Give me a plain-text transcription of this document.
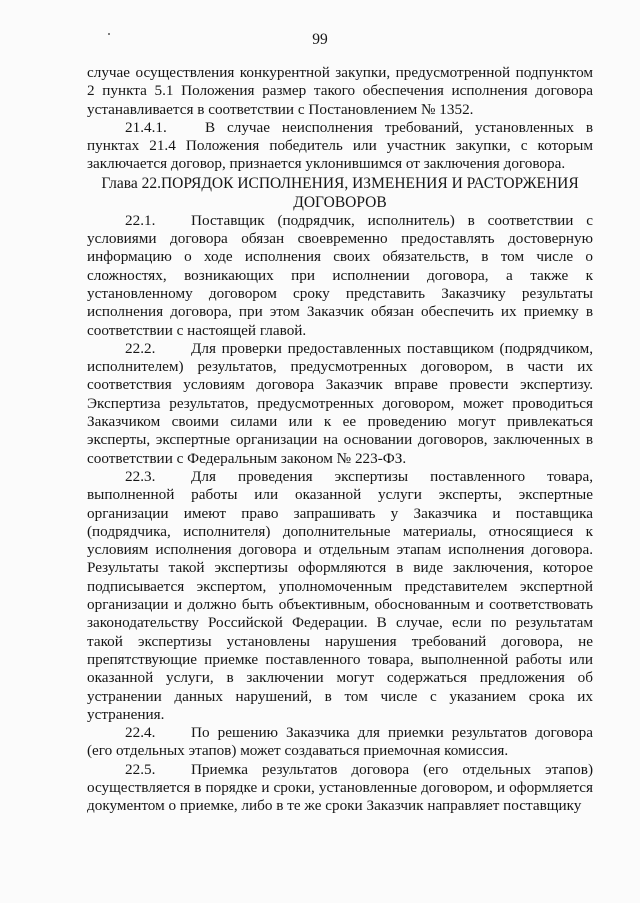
99

случае осуществления конкурентной закупки, предусмотренной подпунктом 2 пункта 5.1 Положения размер такого обеспечения исполнения договора устанавливается в соответствии с Постановлением № 1352.

21.4.1.	В случае неисполнения требований, установленных в пунктах 21.4 Положения победитель или участник закупки, с которым заключается договор, признается уклонившимся от заключения договора.

Глава 22.ПОРЯДОК ИСПОЛНЕНИЯ, ИЗМЕНЕНИЯ И РАСТОРЖЕНИЯ ДОГОВОРОВ

22.1. Поставщик (подрядчик, исполнитель) в соответствии с условиями договора обязан своевременно предоставлять достоверную информацию о ходе исполнения своих обязательств, в том числе о сложностях, возникающих при исполнении договора, а также к установленному договором сроку представить Заказчику результаты исполнения договора, при этом Заказчик обязан обеспечить их приемку в соответствии с настоящей главой.

22.2. Для проверки предоставленных поставщиком (подрядчиком, исполнителем) результатов, предусмотренных договором, в части их соответствия условиям договора Заказчик вправе провести экспертизу. Экспертиза результатов, предусмотренных договором, может проводиться Заказчиком своими силами или к ее проведению могут привлекаться эксперты, экспертные организации на основании договоров, заключенных в соответствии с Федеральным законом № 223-ФЗ.

22.3. Для проведения экспертизы поставленного товара, выполненной работы или оказанной услуги эксперты, экспертные организации имеют право запрашивать у Заказчика и поставщика (подрядчика, исполнителя) дополнительные материалы, относящиеся к условиям исполнения договора и отдельным этапам исполнения договора. Результаты такой экспертизы оформляются в виде заключения, которое подписывается экспертом, уполномоченным представителем экспертной организации и должно быть объективным, обоснованным и соответствовать законодательству Российской Федерации. В случае, если по результатам такой экспертизы установлены нарушения требований договора, не препятствующие приемке поставленного товара, выполненной работы или оказанной услуги, в заключении могут содержаться предложения об устранении данных нарушений, в том числе с указанием срока их устранения.

22.4. По решению Заказчика для приемки результатов договора (его отдельных этапов) может создаваться приемочная комиссия.

22.5. Приемка результатов договора (его отдельных этапов) осуществляется в порядке и сроки, установленные договором, и оформляется документом о приемке, либо в те же сроки Заказчик направляет поставщику
